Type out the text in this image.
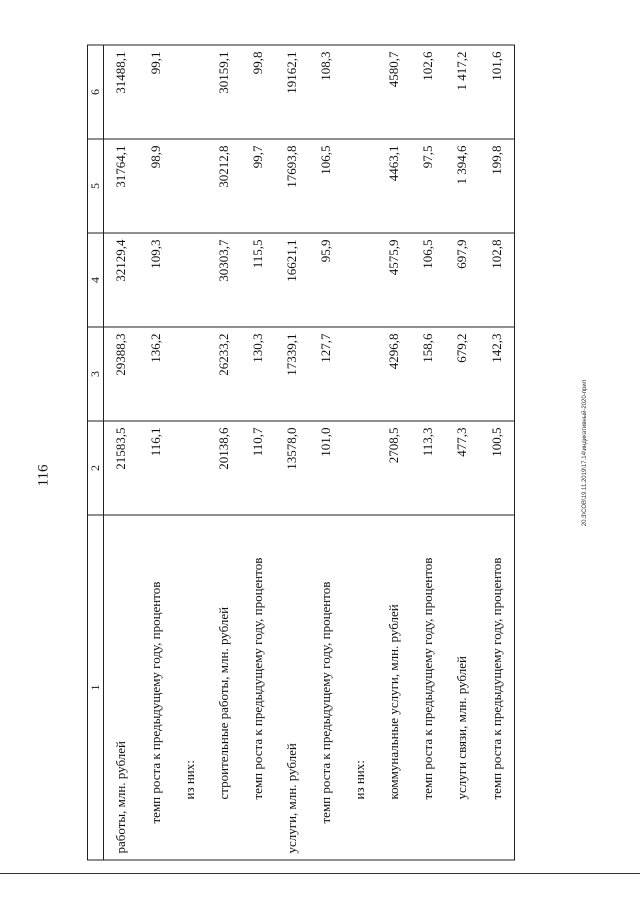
116	20.3\СОВ\19.11.2019\17.14\индикативный-2020-прил
1	2	3	4	5	6
работы, млн. рублей	21583,5	29388,3	32129,4	31764,1	31488,1
темп роста к предыдущему году, процентов	116,1	136,2	109,3	98,9	99,1
из них:					
строительные работы, млн. рублей	20138,6	26233,2	30303,7	30212,8	30159,1
темп роста к предыдущему году, процентов	110,7	130,3	115,5	99,7	99,8
услуги, млн. рублей	13578,0	17339,1	16621,1	17693,8	19162,1
темп роста к предыдущему году, процентов	101,0	127,7	95,9	106,5	108,3
из них:					
коммунальные услуги, млн. рублей	2708,5	4296,8	4575,9	4463,1	4580,7
темп роста к предыдущему году, процентов	113,3	158,6	106,5	97,5	102,6
услуги связи, млн. рублей	477,3	679,2	697,9	1 394,6	1 417,2
темп роста к предыдущему году, процентов	100,5	142,3	102,8	199,8	101,6
